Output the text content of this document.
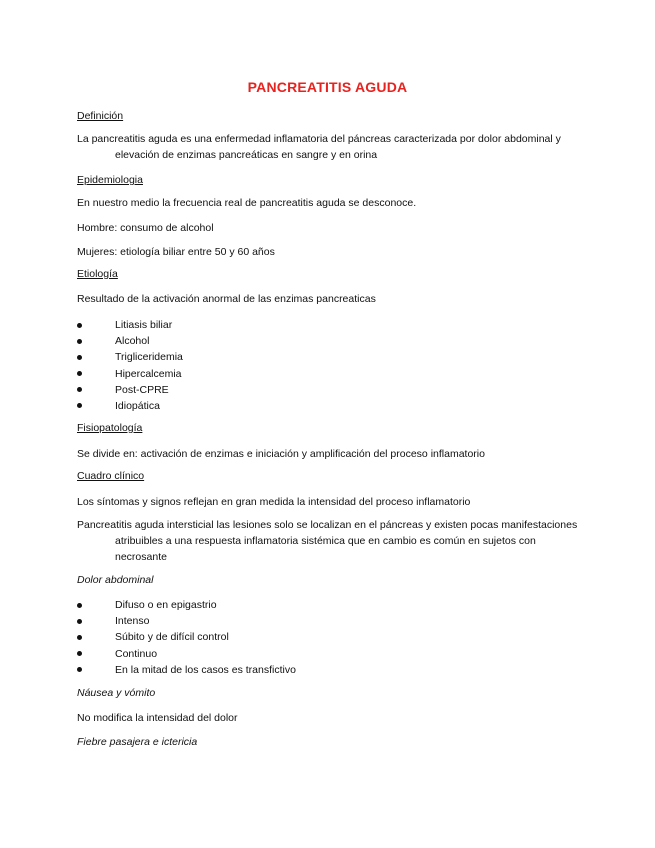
PANCREATITIS AGUDA
Definición
La pancreatitis aguda es una enfermedad inflamatoria del páncreas caracterizada por dolor abdominal y
elevación de enzimas pancreáticas en sangre y en orina
Epidemiologia
En nuestro medio la frecuencia real de pancreatitis aguda se desconoce.
Hombre: consumo de alcohol
Mujeres: etiología biliar entre 50 y 60 años
Etiología
Resultado de la activación anormal de las enzimas pancreaticas
Litiasis biliar
Alcohol
Trigliceridemia
Hipercalcemia
Post-CPRE
Idiopática
Fisiopatología
Se divide en: activación de enzimas e iniciación y amplificación del proceso inflamatorio
Cuadro clínico
Los síntomas y signos reflejan en gran medida la intensidad del proceso inflamatorio
Pancreatitis aguda intersticial las lesiones solo se localizan en el páncreas y existen pocas manifestaciones
atribuibles a una respuesta inflamatoria sistémica que en cambio es común en sujetos con
necrosante
Dolor abdominal
Difuso o en epigastrio
Intenso
Súbito y de difícil control
Continuo
En la mitad de los casos es transfictivo
Náusea y vómito
No modifica la intensidad del dolor
Fiebre pasajera e ictericia
